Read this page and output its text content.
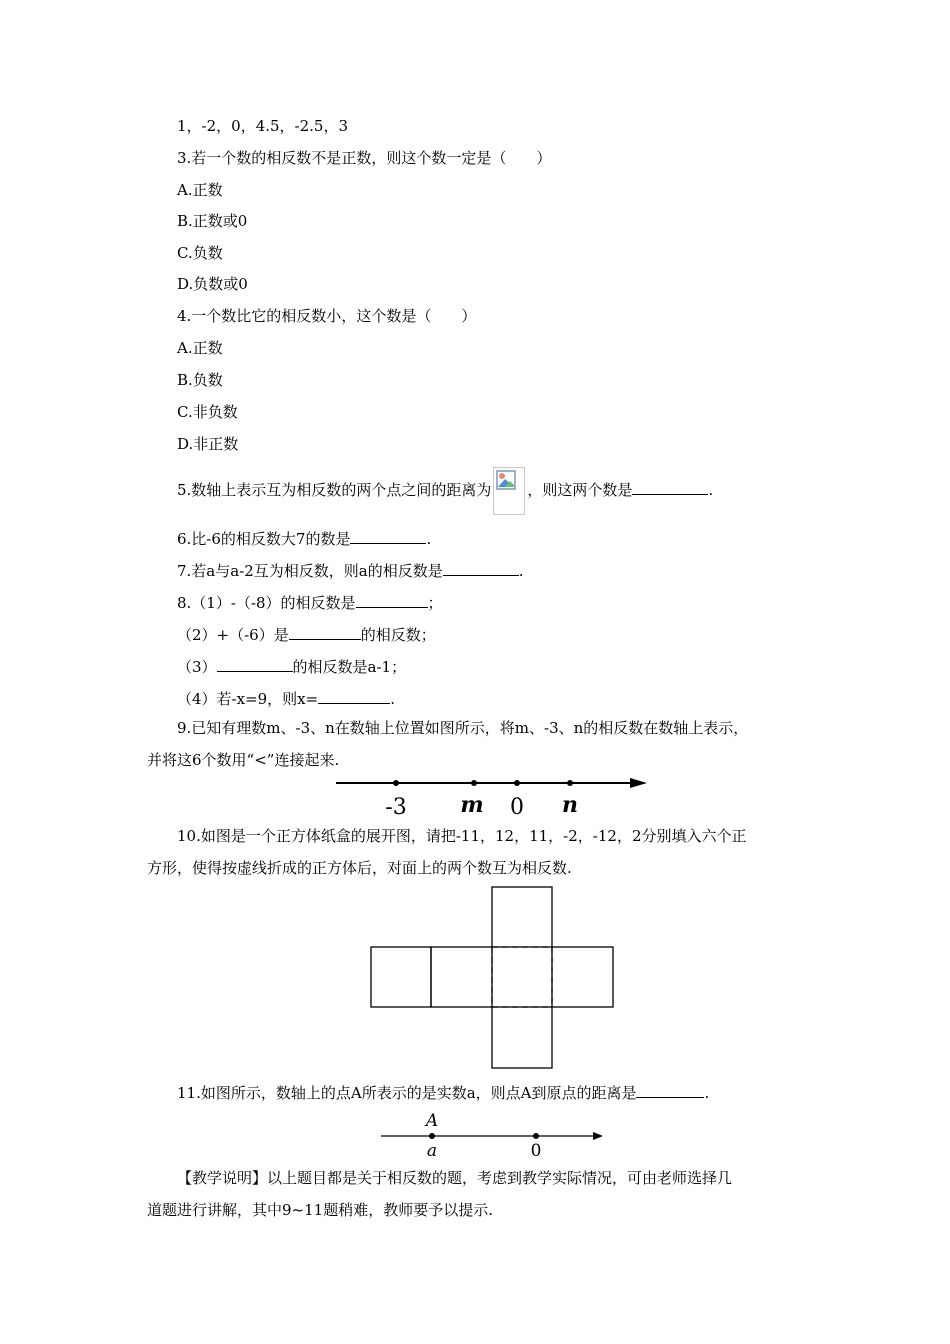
1，-2，0，4.5，-2.5，3
3.若一个数的相反数不是正数，则这个数一定是（　　）
A.正数
B.正数或0
C.负数
D.负数或0
4.一个数比它的相反数小，这个数是（　　）
A.正数
B.负数
C.非负数
D.非正数
5.数轴上表示互为相反数的两个点之间的距离为 ，则这两个数是	.
6.比-6的相反数大7的数是	.
7.若a与a-2互为相反数，则a的相反数是	.
8.（1）-（-8）的相反数是	；
（2）+（-6）是	的相反数；
（3）	的相反数是a-1；
（4）若-x=9，则x=	.
9.已知有理数m、-3、n在数轴上位置如图所示，将m、-3、n的相反数在数轴上表示，
并将这6个数用“<”连接起来.
-3 m 0 n
10.如图是一个正方体纸盒的展开图，请把-11，12，11，-2，-12，2分别填入六个正
方形，使得按虚线折成的正方体后，对面上的两个数互为相反数.
11.如图所示，数轴上的点A所表示的是实数a，则点A到原点的距离是	.
A
a	0
【教学说明】以上题目都是关于相反数的题，考虑到教学实际情况，可由老师选择几
道题进行讲解，其中9~11题稍难，教师要予以提示.
